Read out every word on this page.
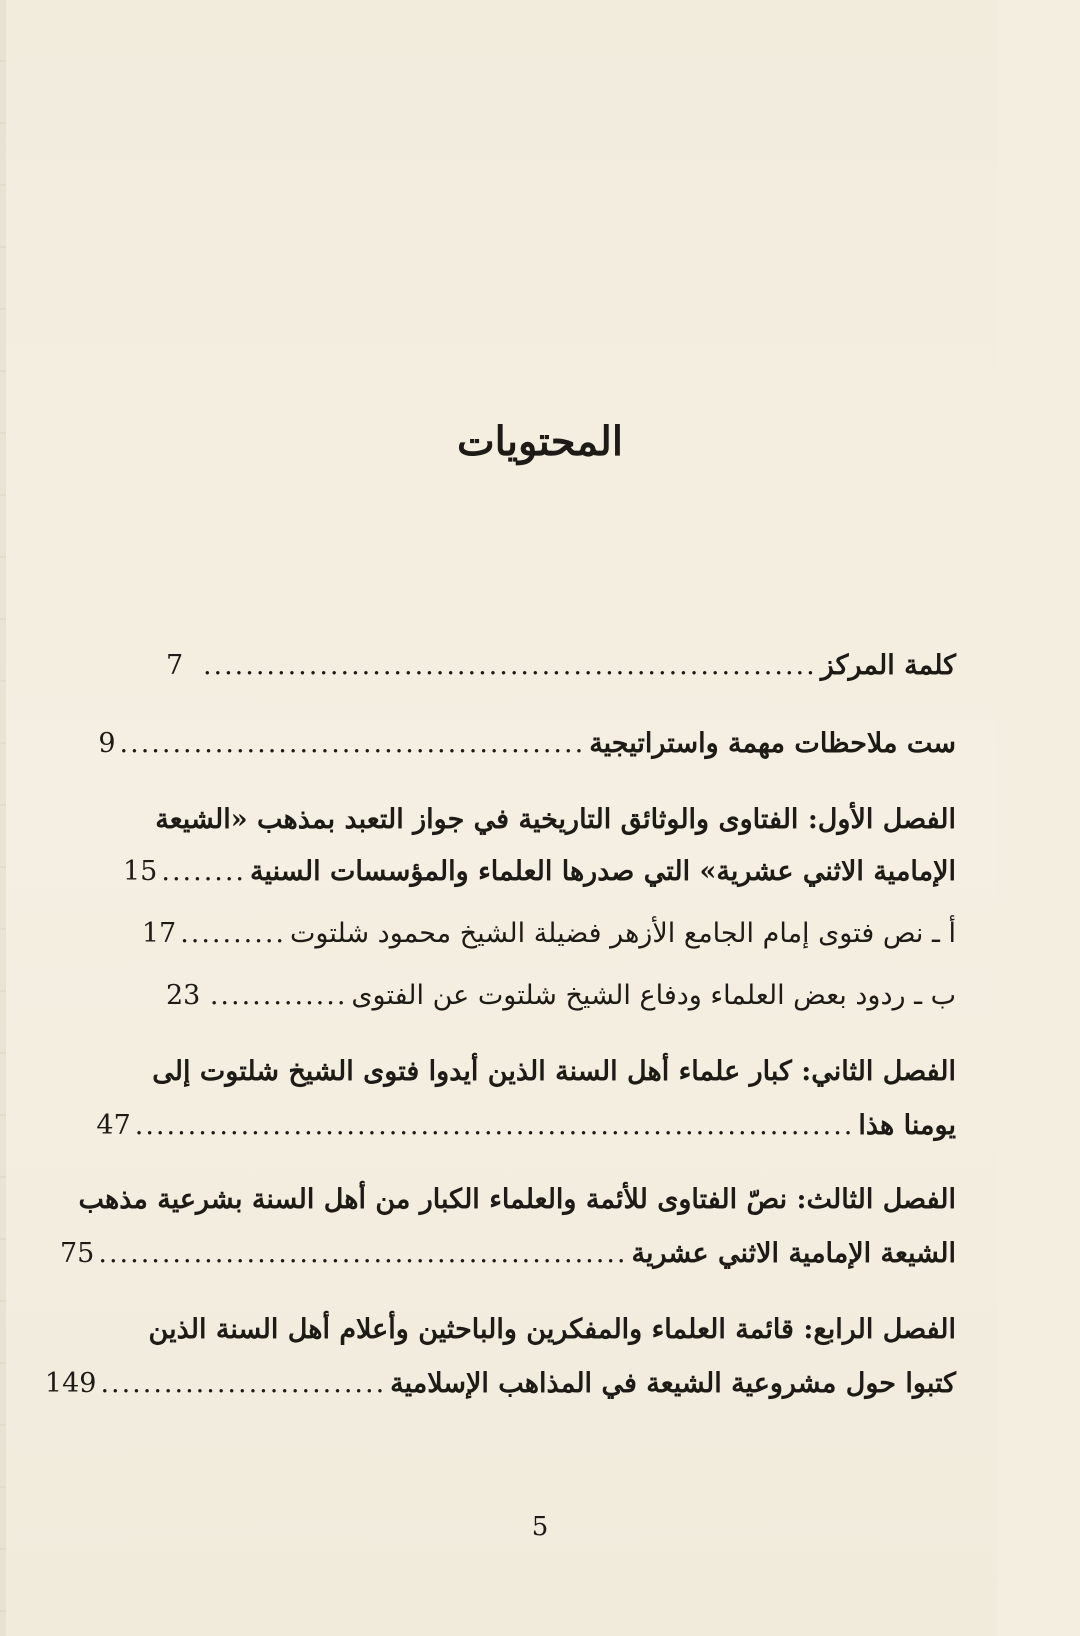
المحتويات
كلمة المركز
..........................................................
7
ست ملاحظات مهمة واستراتيجية
............................................
9
الفصل الأول: الفتاوى والوثائق التاريخية في جواز التعبد بمذهب «الشيعة
الإمامية الاثني عشرية» التي صدرها العلماء والمؤسسات السنية
........
15
أ ـ نص فتوى إمام الجامع الأزهر فضيلة الشيخ محمود شلتوت
..........
17
ب ـ ردود بعض العلماء ودفاع الشيخ شلتوت عن الفتوى
.............
23
الفصل الثاني: كبار علماء أهل السنة الذين أيدوا فتوى الشيخ شلتوت إلى
يومنا هذا
....................................................................
47
الفصل الثالث: نصّ الفتاوى للأئمة والعلماء الكبار من أهل السنة بشرعية مذهب
الشيعة الإمامية الاثني عشرية
..................................................
75
الفصل الرابع: قائمة العلماء والمفكرين والباحثين وأعلام أهل السنة الذين
كتبوا حول مشروعية الشيعة في المذاهب الإسلامية
...........................
149
5
